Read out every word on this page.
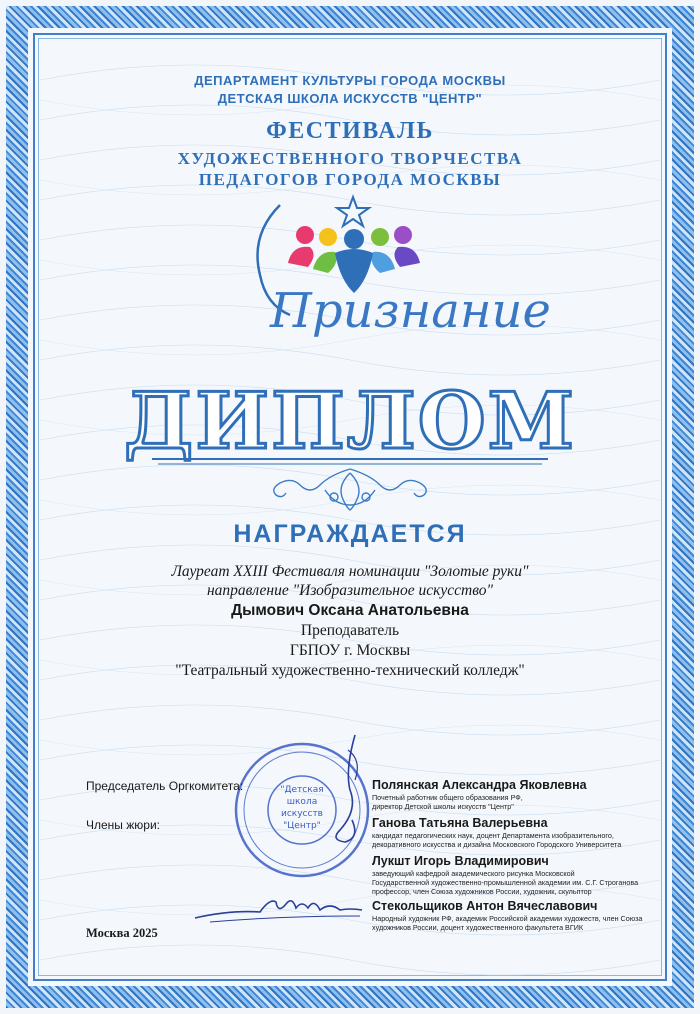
ДЕПАРТАМЕНТ КУЛЬТУРЫ ГОРОДА МОСКВЫ
ДЕТСКАЯ ШКОЛА ИСКУССТВ "ЦЕНТР"
ФЕСТИВАЛЬ
ХУДОЖЕСТВЕННОГО ТВОРЧЕСТВА
ПЕДАГОГОВ ГОРОДА МОСКВЫ
Признание
ДИПЛОМ
НАГРАЖДАЕТСЯ
Лауреат XXIII Фестиваля номинации "Золотые руки"
направление "Изобразительное искусство"
Дымович Оксана Анатольевна
Преподаватель
ГБПОУ г. Москвы
"Театральный художественно-технический колледж"
"Детская
школа
искусств
"Центр"
Председатель Оргкомитета:	Полянская Александра Яковлевна
Почетный работник общего образования РФ,
директор Детской школы искусств "Центр"
Члены жюри:	Ганова Татьяна Валерьевна
кандидат педагогических наук, доцент Департамента изобразительного,
декоративного искусства и дизайна Московского Городского Университета
Лукшт Игорь Владимирович
заведующий кафедрой академического рисунка Московской
Государственной художественно-промышленной академии им. С.Г. Строганова
профессор, член Союза художников России, художник, скульптор
Стекольщиков Антон Вячеславович
Народный художник РФ, академик Российской академии художеств, член Союза
художников России, доцент художественного факультета ВГИК
Москва 2025
